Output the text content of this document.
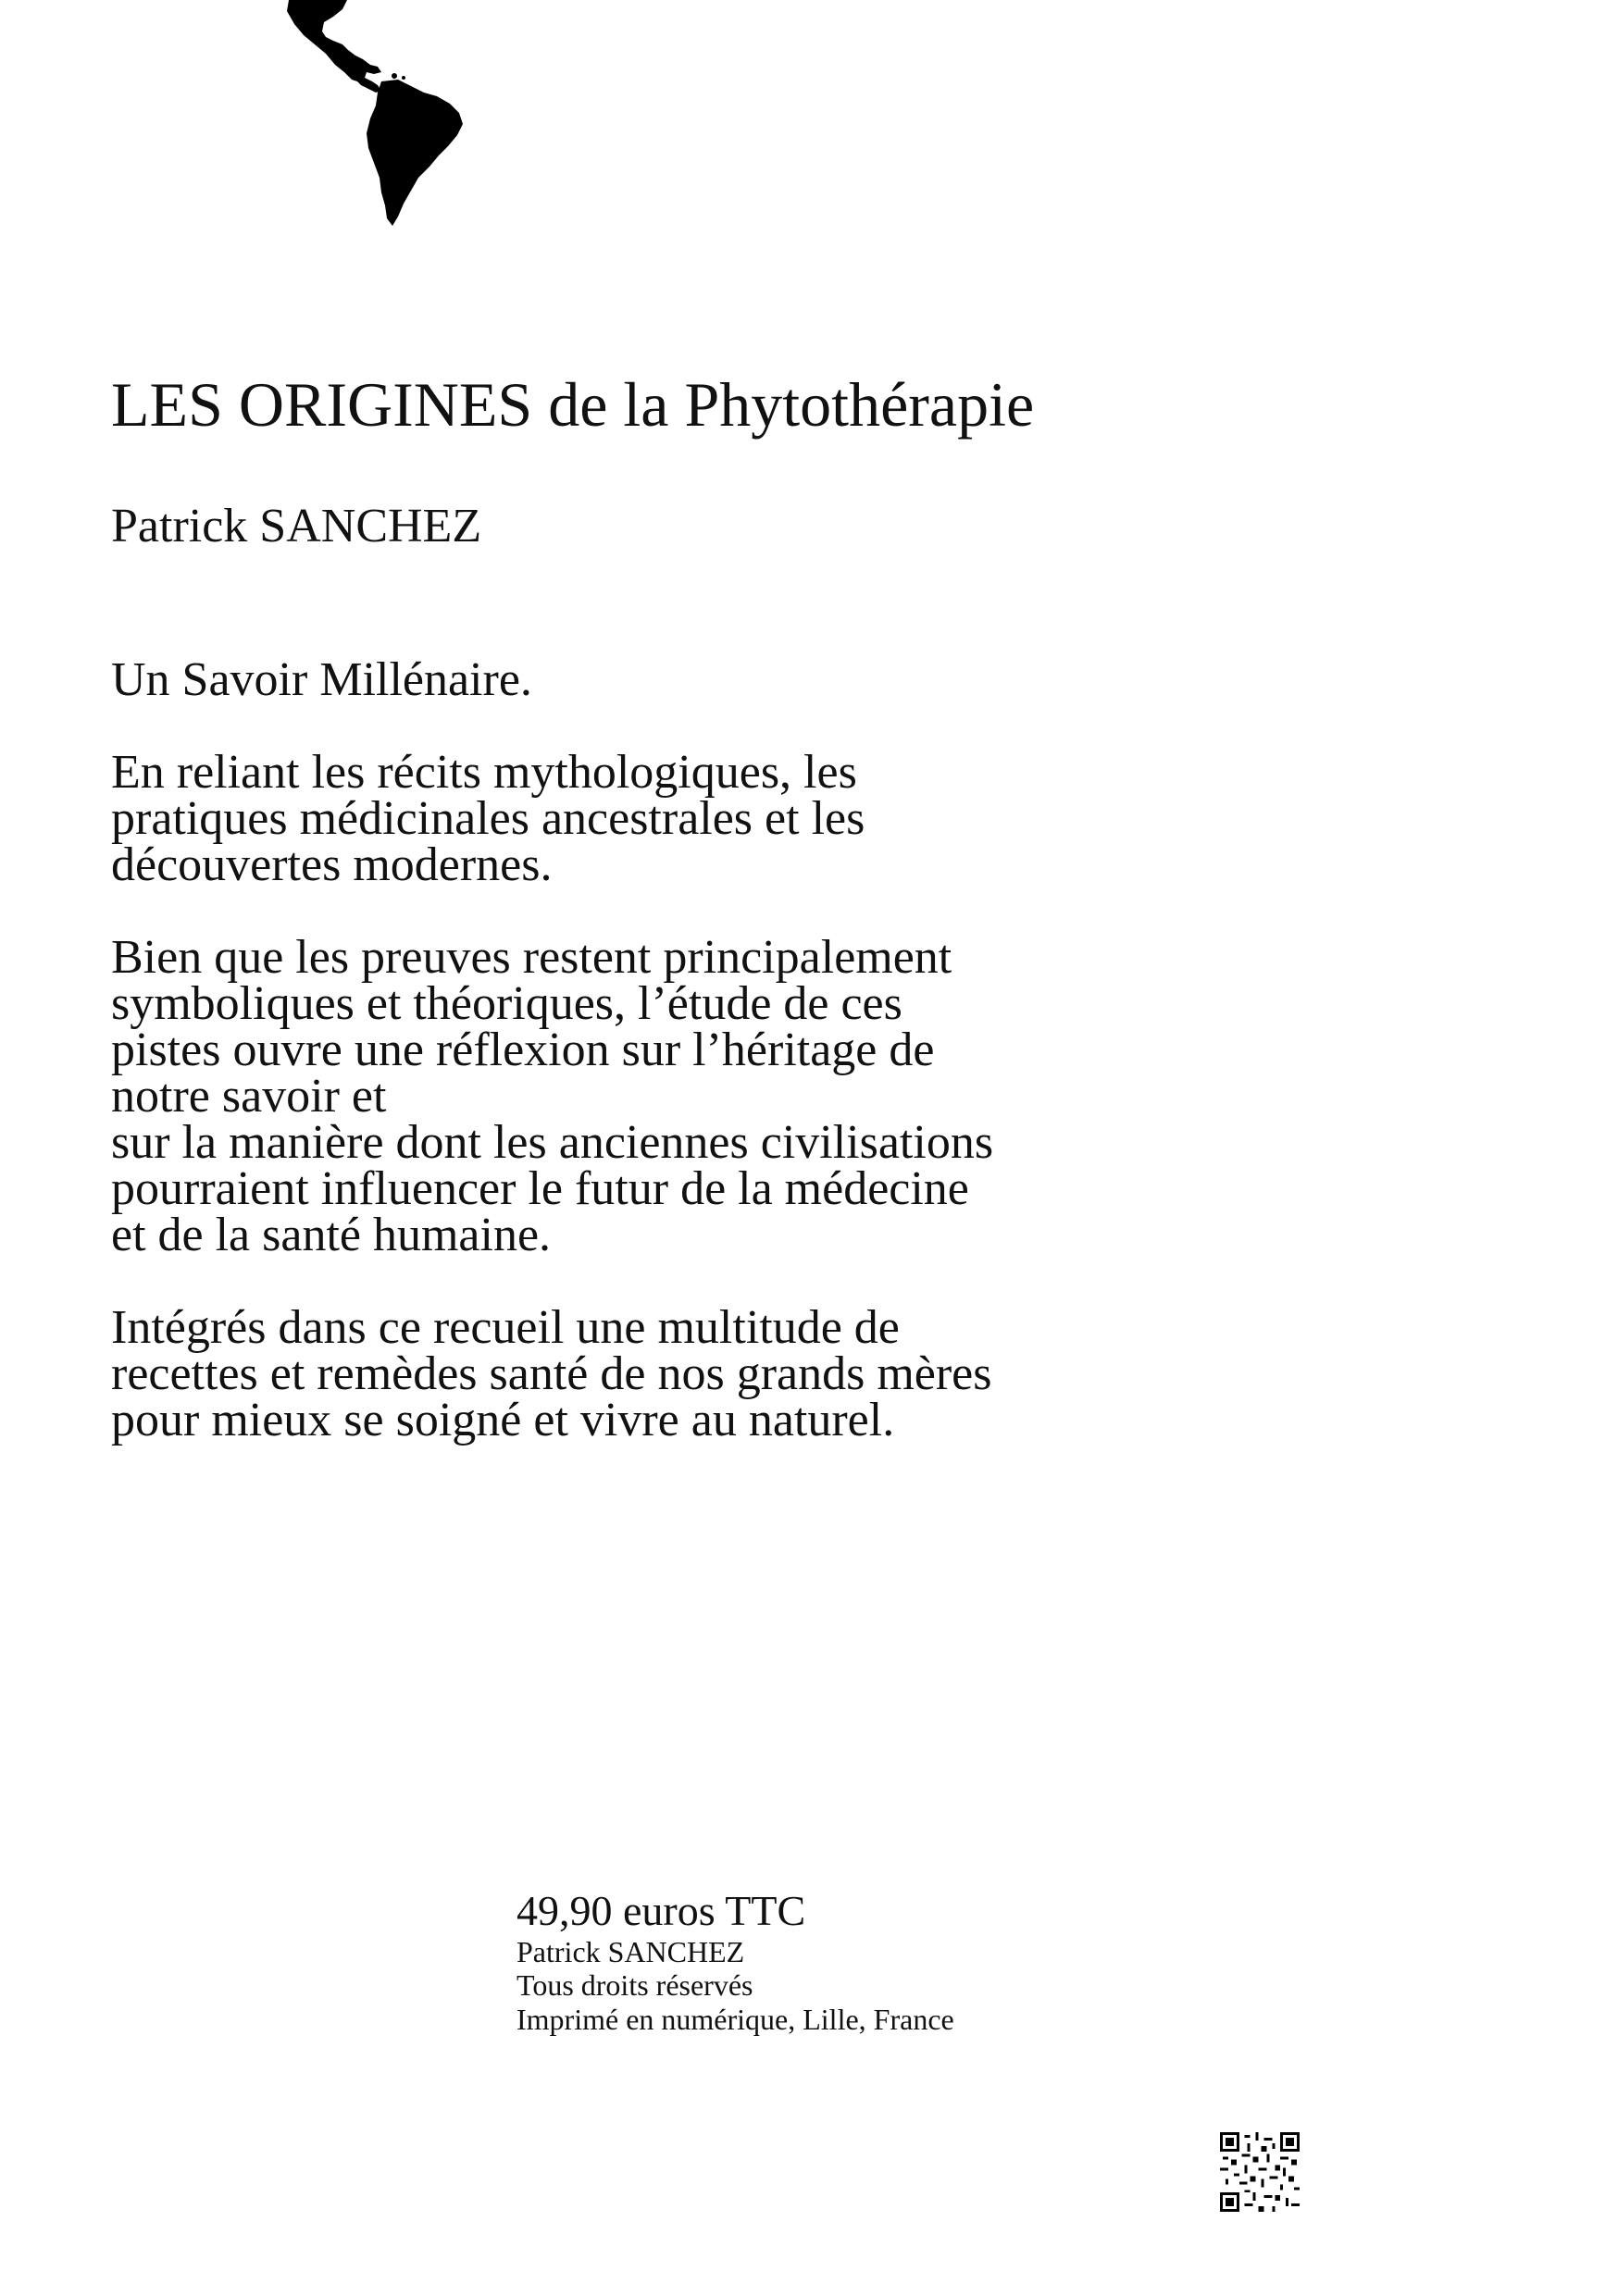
LES ORIGINES de la Phytothérapie
Patrick SANCHEZ

Un Savoir Millénaire.

En reliant les récits mythologiques, les
pratiques médicinales ancestrales et les
découvertes modernes.

Bien que les preuves restent principalement
symboliques et théoriques, l’étude de ces
pistes ouvre une réflexion sur l’héritage de
notre savoir et
sur la manière dont les anciennes civilisations
pourraient influencer le futur de la médecine
et de la santé humaine.

Intégrés dans ce recueil une multitude de
recettes et remèdes santé de nos grands mères
pour mieux se soigné et vivre au naturel.

49,90 euros TTC
Patrick SANCHEZ
Tous droits réservés
Imprimé en numérique, Lille, France
